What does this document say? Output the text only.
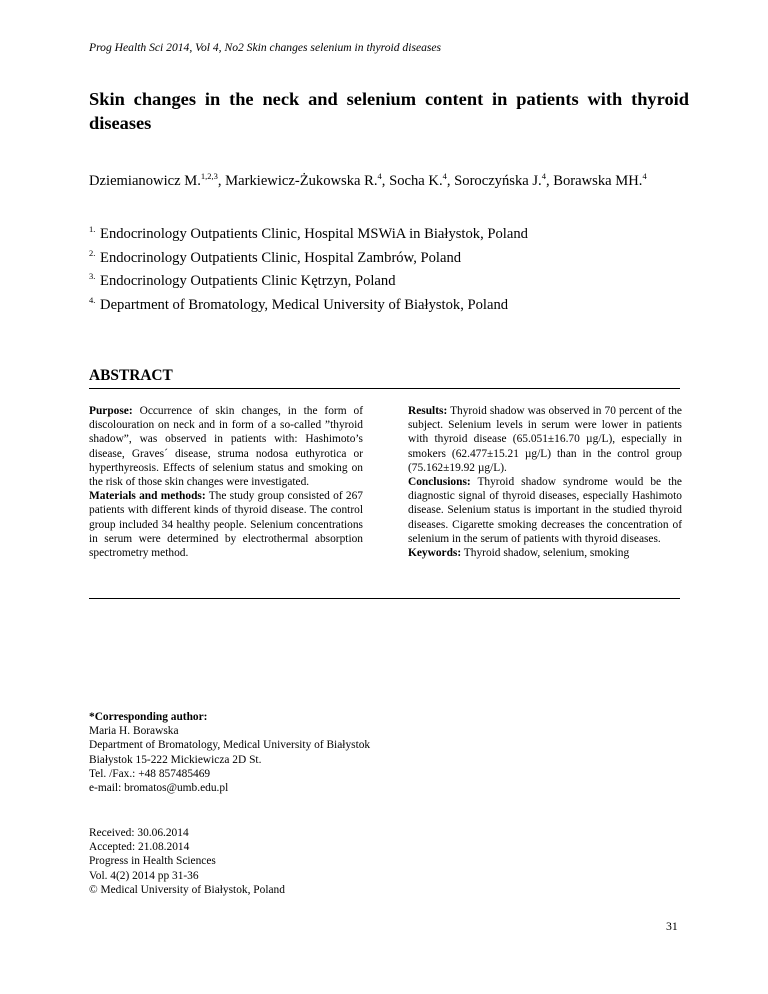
Prog Health Sci 2014, Vol 4, No2 Skin changes selenium in thyroid diseases
Skin changes in the neck and selenium content in patients with thyroid diseases
Dziemianowicz M.$^{1,2,3}$, Markiewicz-Żukowska R.$^4$, Socha K.$^4$, Soroczyńska J.$^4$, Borawska MH.$^4$
$^{1.}$ Endocrinology Outpatients Clinic, Hospital MSWiA in Białystok, Poland
$^{2.}$ Endocrinology Outpatients Clinic, Hospital Zambrów, Poland
$^{3.}$ Endocrinology Outpatients Clinic Kętrzyn, Poland
$^{4.}$ Department of Bromatology, Medical University of Białystok, Poland
ABSTRACT

Purpose: Occurrence of skin changes, in the form of discolouration on neck and in form of a so-called ”thyroid shadow”, was observed in patients with: Hashimoto’s disease, Graves´ disease, struma nodosa euthyrotica or hyperthyreosis. Effects of selenium status and smoking on the risk of those skin changes were investigated.

Materials and methods: The study group consisted of 267 patients with different kinds of thyroid disease. The control group included 34 healthy people. Selenium concentrations in serum were determined by electrothermal absorption spectrometry method.

Results: Thyroid shadow was observed in 70 percent of the subject. Selenium levels in serum were lower in patients with thyroid disease (65.051±16.70 µg/L), especially in smokers (62.477±15.21 µg/L) than in the control group (75.162±19.92 µg/L).

Conclusions: Thyroid shadow syndrome would be the diagnostic signal of thyroid diseases, especially Hashimoto disease. Selenium status is important in the studied thyroid diseases. Cigarette smoking decreases the concentration of selenium in the serum of patients with thyroid diseases.

Keywords: Thyroid shadow, selenium, smoking

*Corresponding author:
Maria H. Borawska
Department of Bromatology, Medical University of Białystok
Białystok 15-222 Mickiewicza 2D St.
Tel. /Fax.: +48 857485469
e-mail: bromatos@umb.edu.pl
Received: 30.06.2014
Accepted: 21.08.2014
Progress in Health Sciences
Vol. 4(2) 2014 pp 31-36
© Medical University of Białystok, Poland
31
